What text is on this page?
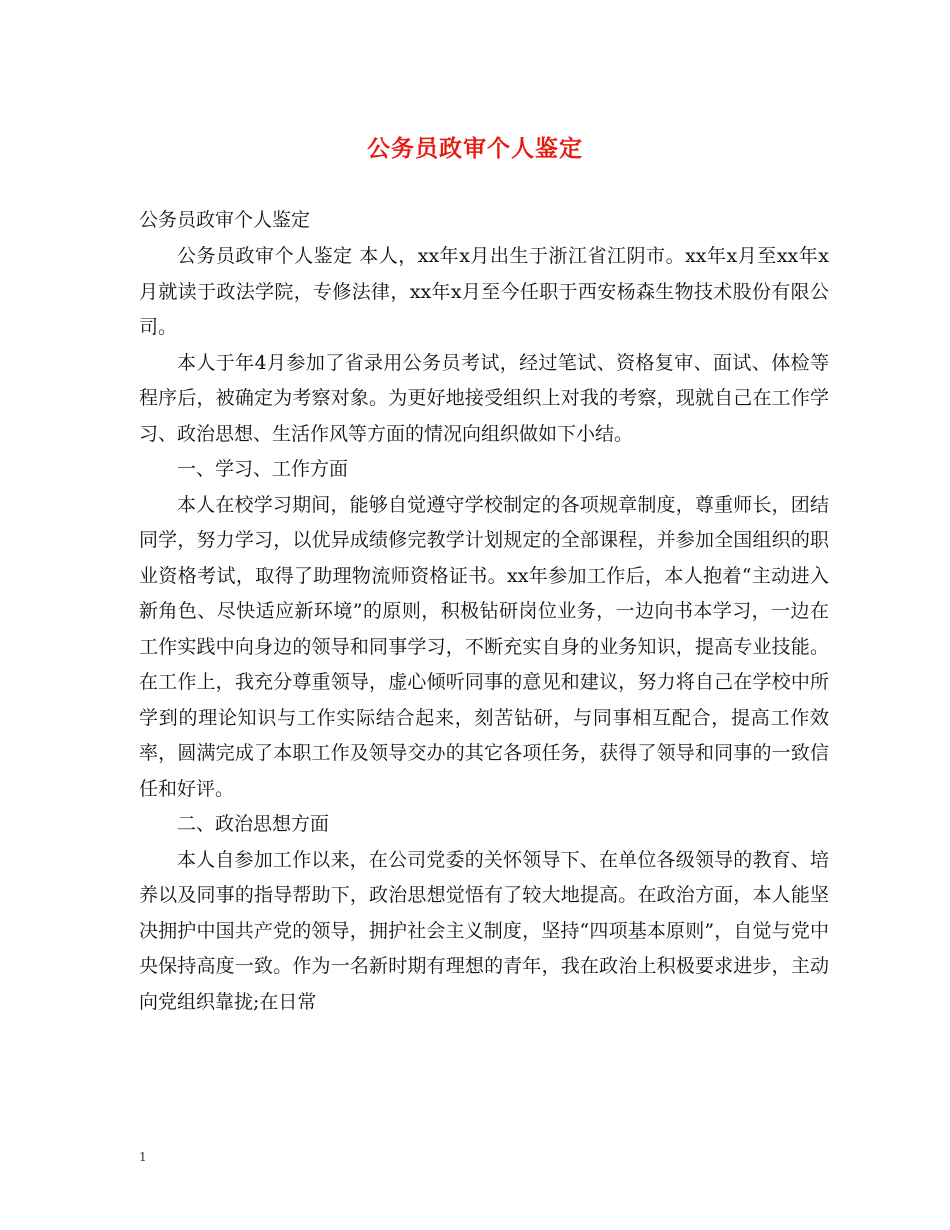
公务员政审个人鉴定
公务员政审个人鉴定

公务员政审个人鉴定 本人，xx年x月出生于浙江省江阴市。xx年x月至xx年x月就读于政法学院，专修法律，xx年x月至今任职于西安杨森生物技术股份有限公司。

本人于年4月参加了省录用公务员考试，经过笔试、资格复审、面试、体检等程序后，被确定为考察对象。为更好地接受组织上对我的考察，现就自己在工作学习、政治思想、生活作风等方面的情况向组织做如下小结。

一、学习、工作方面

本人在校学习期间，能够自觉遵守学校制定的各项规章制度，尊重师长，团结同学，努力学习，以优异成绩修完教学计划规定的全部课程，并参加全国组织的职业资格考试，取得了助理物流师资格证书。xx年参加工作后，本人抱着“主动进入新角色、尽快适应新环境”的原则，积极钻研岗位业务，一边向书本学习，一边在工作实践中向身边的领导和同事学习，不断充实自身的业务知识，提高专业技能。在工作上，我充分尊重领导，虚心倾听同事的意见和建议，努力将自己在学校中所学到的理论知识与工作实际结合起来，刻苦钻研，与同事相互配合，提高工作效率，圆满完成了本职工作及领导交办的其它各项任务，获得了领导和同事的一致信任和好评。

二、政治思想方面

本人自参加工作以来，在公司党委的关怀领导下、在单位各级领导的教育、培养以及同事的指导帮助下，政治思想觉悟有了较大地提高。在政治方面，本人能坚决拥护中国共产党的领导，拥护社会主义制度，坚持“四项基本原则”，自觉与党中央保持高度一致。作为一名新时期有理想的青年，我在政治上积极要求进步，主动向党组织靠拢;在日常

1
